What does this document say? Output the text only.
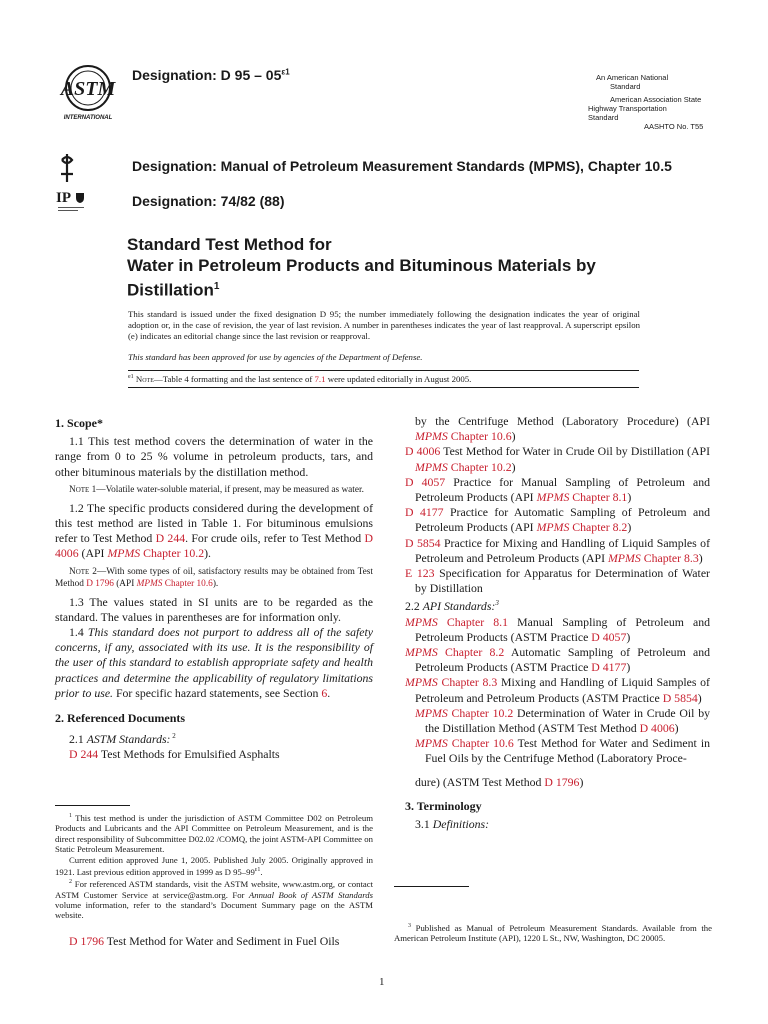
ASTM
INTERNATIONAL
Designation: D $95 - 05^{\varepsilon 1}$
An American National
Standard
American Association State
Highway Transportation
Standard
AASHTO No. T55
IP
Designation: Manual of Petroleum Measurement Standards (MPMS), Chapter 10.5
Designation: 74/82 (88)
Standard Test Method for
Water in Petroleum Products and Bituminous Materials by
Distillation$^1$
This standard is issued under the fixed designation D 95; the number immediately following the designation indicates the year of original adoption or, in the case of revision, the year of last revision. A number in parentheses indicates the year of last reapproval. A superscript epsilon (e) indicates an editorial change since the last revision or reapproval.
This standard has been approved for use by agencies of the Department of Defense.
$^{e1}$ Note—Table 4 formatting and the last sentence of 7.1 were updated editorially in August 2005.
1. Scope*

1.1 This test method covers the determination of water in the range from 0 to 25 % volume in petroleum products, tars, and other bituminous materials by the distillation method.

Note 1—Volatile water-soluble material, if present, may be measured as water.

1.2 The specific products considered during the development of this test method are listed in Table 1. For bituminous emulsions refer to Test Method D 244. For crude oils, refer to Test Method D 4006 (API MPMS Chapter 10.2).

Note 2—With some types of oil, satisfactory results may be obtained from Test Method D 1796 (API MPMS Chapter 10.6).

1.3 The values stated in SI units are to be regarded as the standard. The values in parentheses are for information only.

1.4 This standard does not purport to address all of the safety concerns, if any, associated with its use. It is the responsibility of the user of this standard to establish appropriate safety and health practices and determine the applicability of regulatory limitations prior to use. For specific hazard statements, see Section 6.

2. Referenced Documents

2.1 ASTM Standards: $^2$

D 244 Test Methods for Emulsified Asphalts

$^1$ This test method is under the jurisdiction of ASTM Committee D02 on Petroleum Products and Lubricants and the API Committee on Petroleum Measurement, and is the direct responsibility of Subcommittee D02.02 /COMQ, the joint ASTM-API Committee on Static Petroleum Measurement.

Current edition approved June 1, 2005. Published July 2005. Originally approved in 1921. Last previous edition approved in 1999 as D $95-99^{\varepsilon 1}$.

$^2$ For referenced ASTM standards, visit the ASTM website, www.astm.org, or contact ASTM Customer Service at service@astm.org. For Annual Book of ASTM Standards volume information, refer to the standard’s Document Summary page on the ASTM website.

D 1796 Test Method for Water and Sediment in Fuel Oils

by the Centrifuge Method (Laboratory Procedure) (API MPMS Chapter 10.6)

D 4006 Test Method for Water in Crude Oil by Distillation (API MPMS Chapter 10.2)

D 4057 Practice for Manual Sampling of Petroleum and Petroleum Products (API MPMS Chapter 8.1)

D 4177 Practice for Automatic Sampling of Petroleum and Petroleum Products (API MPMS Chapter 8.2)

D 5854 Practice for Mixing and Handling of Liquid Samples of Petroleum and Petroleum Products (API MPMS Chapter 8.3)

E 123 Specification for Apparatus for Determination of Water by Distillation

2.2 API Standards:$^3$

MPMS Chapter 8.1 Manual Sampling of Petroleum and Petroleum Products (ASTM Practice D 4057)

MPMS Chapter 8.2 Automatic Sampling of Petroleum and Petroleum Products (ASTM Practice D 4177)

MPMS Chapter 8.3 Mixing and Handling of Liquid Samples of Petroleum and Petroleum Products (ASTM Practice D 5854)

MPMS Chapter 10.2 Determination of Water in Crude Oil by the Distillation Method (ASTM Test Method D 4006)

MPMS Chapter 10.6 Test Method for Water and Sediment in Fuel Oils by the Centrifuge Method (Laboratory Proce-

dure) (ASTM Test Method D 1796)

3. Terminology

3.1 Definitions:

$^3$ Published as Manual of Petroleum Measurement Standards. Available from the American Petroleum Institute (API), 1220 L St., NW, Washington, DC 20005.

1
